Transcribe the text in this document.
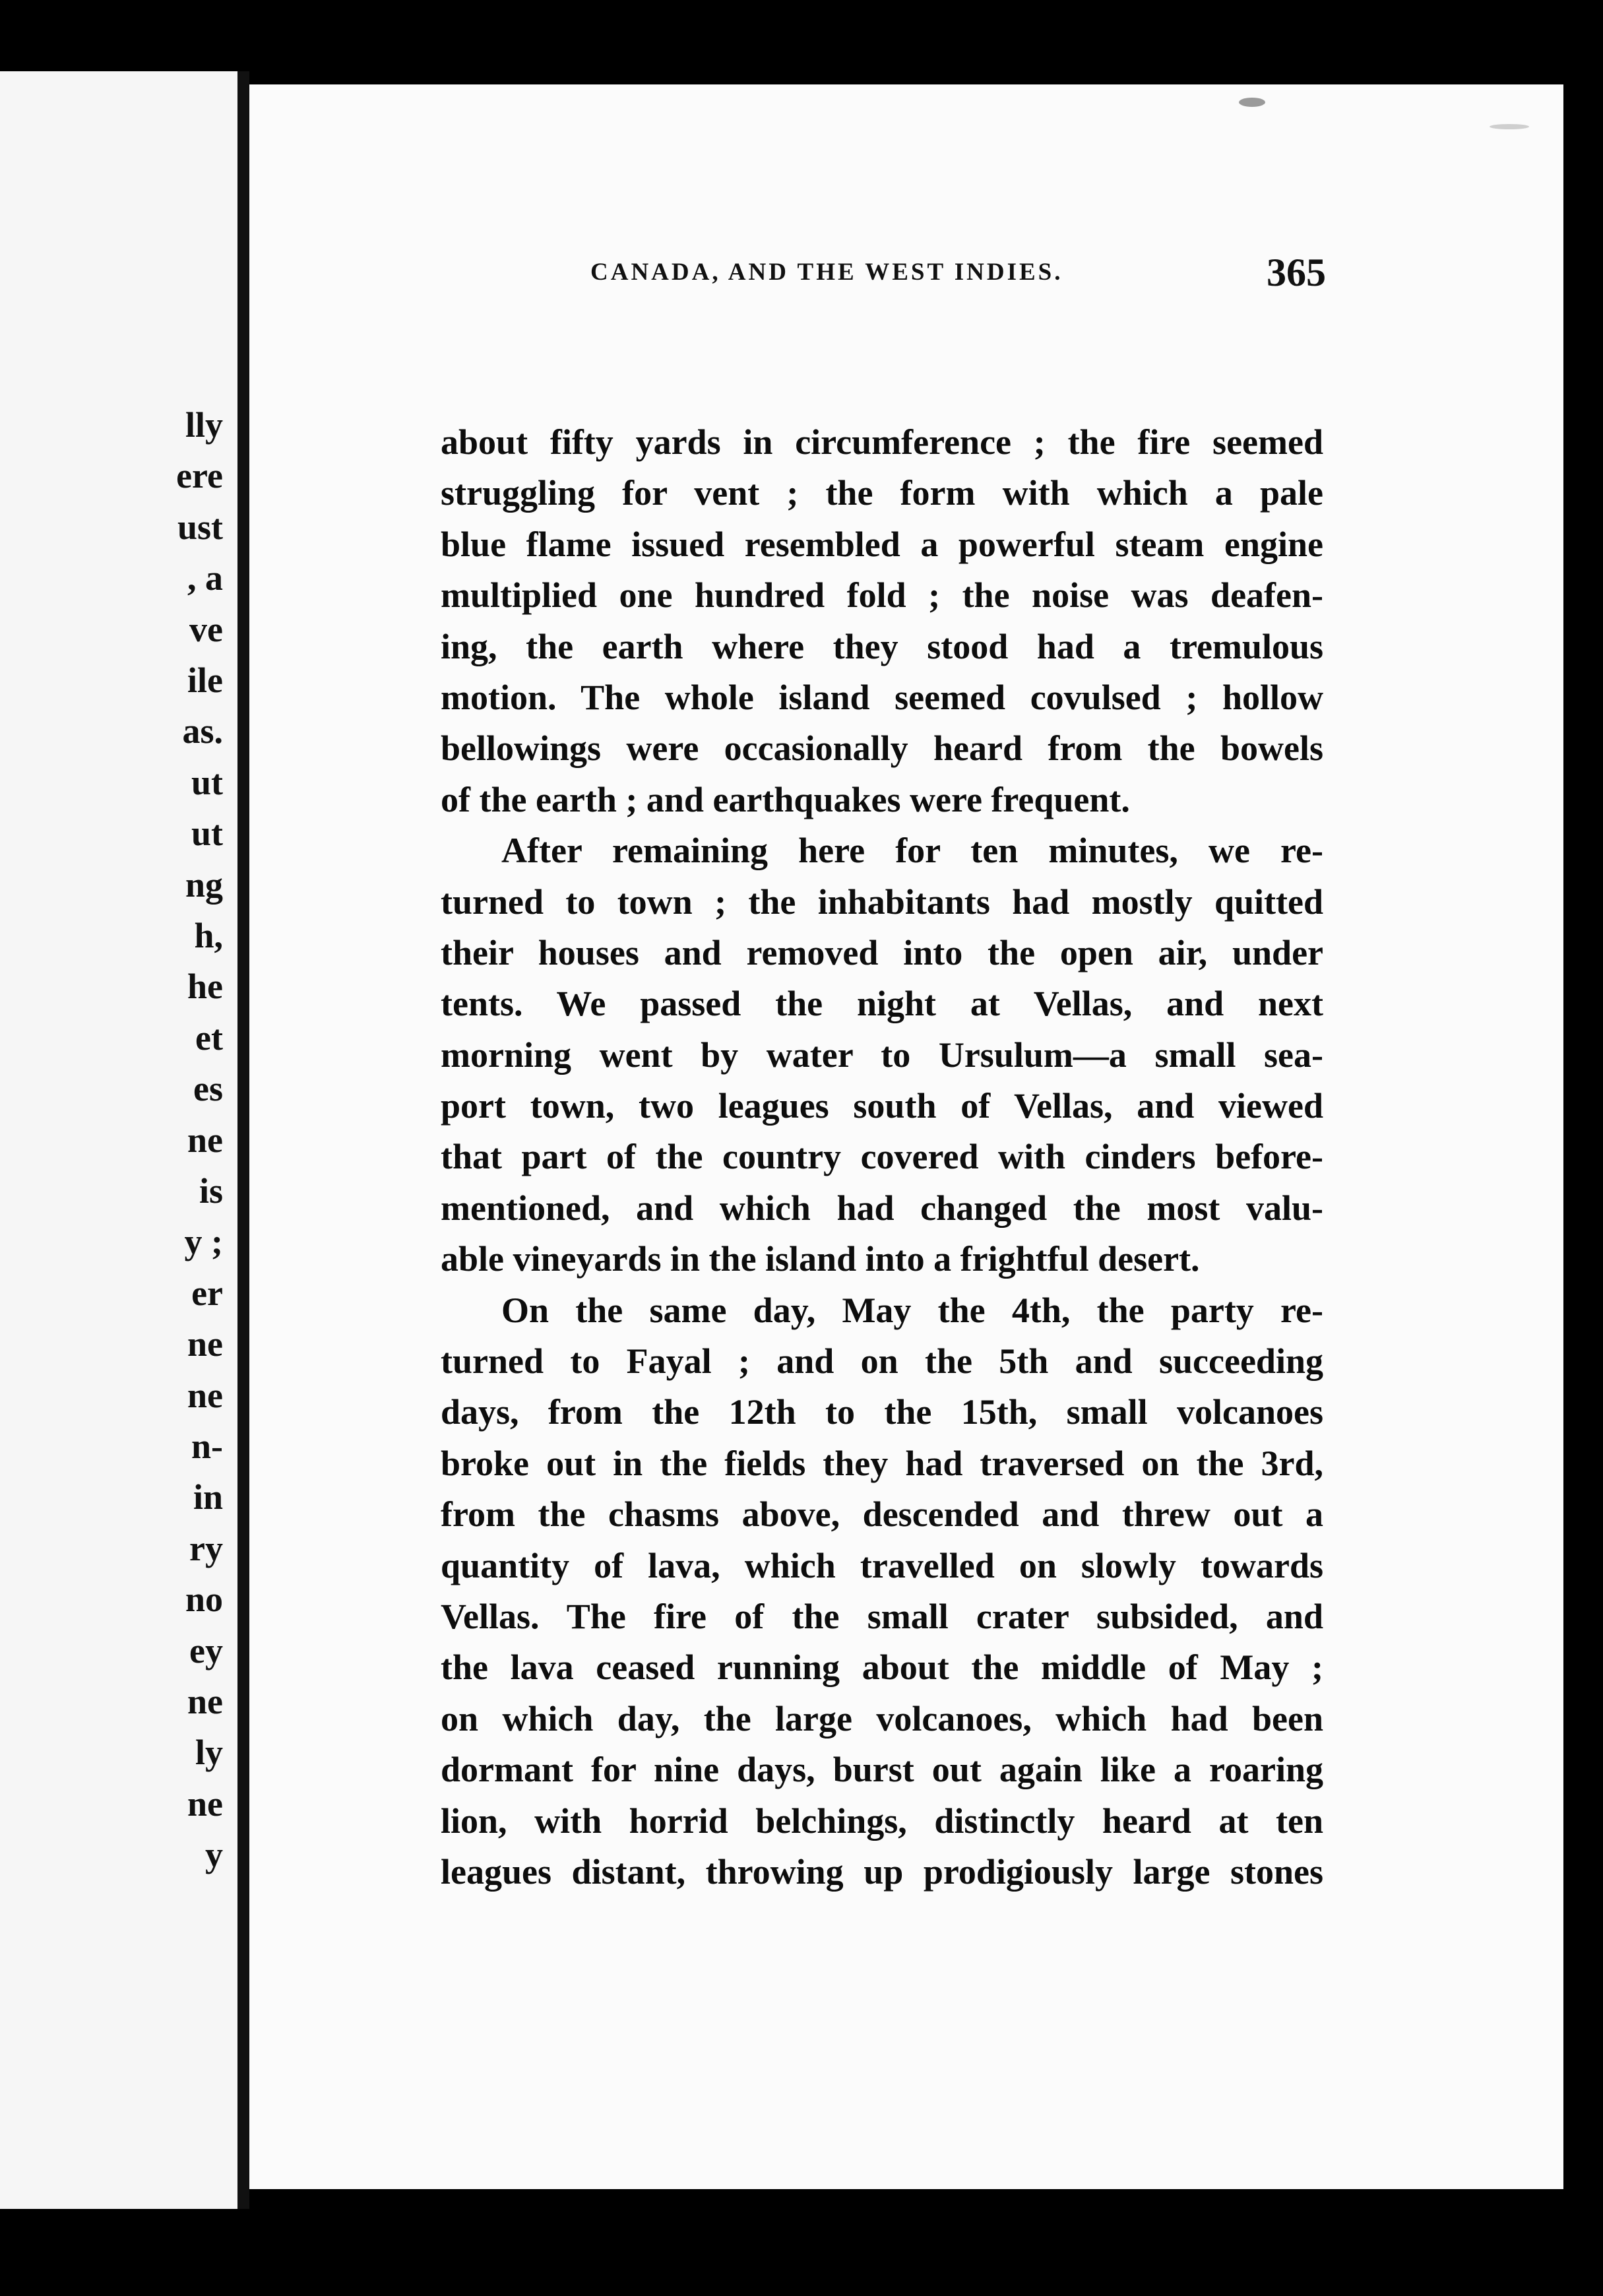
lly
ere
ust
, a
ve
ile
as.
ut
ut
ng
h,
he
et
es
ne
is
y ;
er
ne
ne
n-
in
ry
no
ey
ne
ly
ne
y
CANADA, AND THE WEST INDIES.	365
about fifty yards in circumference ; the fire seemed
struggling for vent ; the form with which a pale
blue flame issued resembled a powerful steam engine
multiplied one hundred fold ; the noise was deafen-
ing, the earth where they stood had a tremulous
motion. The whole island seemed covulsed ; hollow
bellowings were occasionally heard from the bowels
of the earth ; and earthquakes were frequent.
After remaining here for ten minutes, we re-
turned to town ; the inhabitants had mostly quitted
their houses and removed into the open air, under
tents. We passed the night at Vellas, and next
morning went by water to Ursulum—a small sea-
port town, two leagues south of Vellas, and viewed
that part of the country covered with cinders before-
mentioned, and which had changed the most valu-
able vineyards in the island into a frightful desert.
On the same day, May the 4th, the party re-
turned to Fayal ; and on the 5th and succeeding
days, from the 12th to the 15th, small volcanoes
broke out in the fields they had traversed on the 3rd,
from the chasms above, descended and threw out a
quantity of lava, which travelled on slowly towards
Vellas. The fire of the small crater subsided, and
the lava ceased running about the middle of May ;
on which day, the large volcanoes, which had been
dormant for nine days, burst out again like a roaring
lion, with horrid belchings, distinctly heard at ten
leagues distant, throwing up prodigiously large stones
